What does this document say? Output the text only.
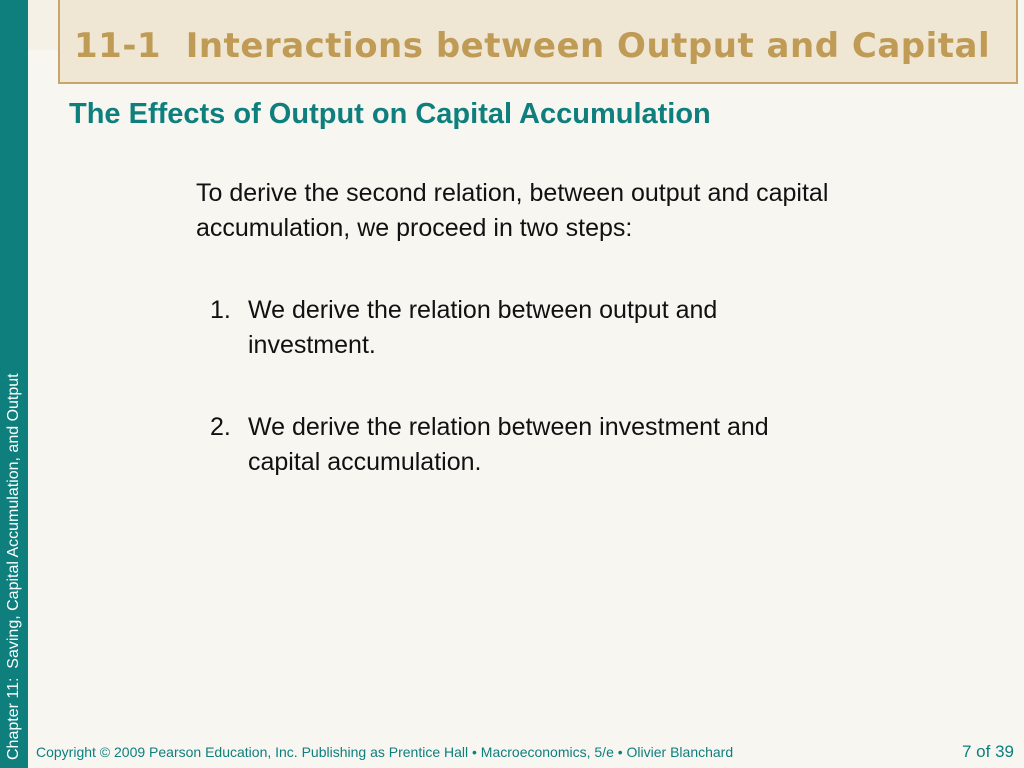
11-1  Interactions between Output and Capital
The Effects of Output on Capital Accumulation
To derive the second relation, between output and capital accumulation, we proceed in two steps:
1. We derive the relation between output and investment.
2. We derive the relation between investment and capital accumulation.
Chapter 11:  Saving, Capital Accumulation, and Output Copyright © 2009 Pearson Education, Inc. Publishing as Prentice Hall • Macroeconomics, 5/e • Olivier Blanchard	7 of 39
